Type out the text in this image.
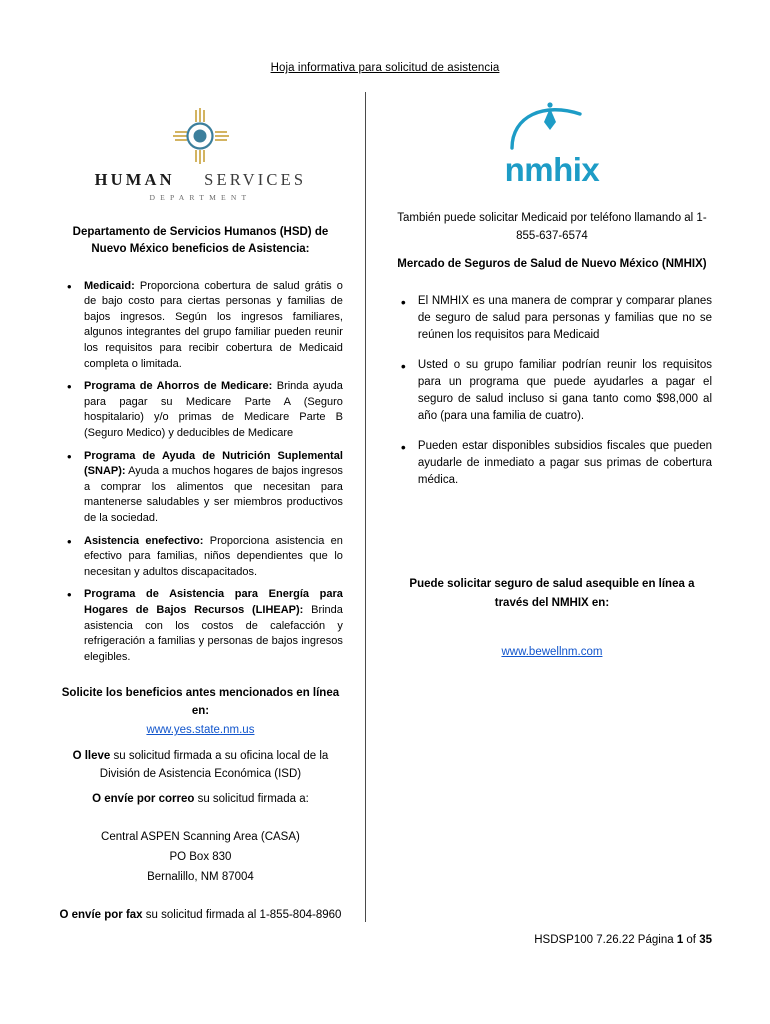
Hoja informativa para solicitud de asistencia
HUMAN SERVICES
DEPARTMENT
Departamento de Servicios Humanos (HSD) de Nuevo México beneficios de Asistencia:
• Medicaid: Proporciona cobertura de salud grátis o de bajo costo para ciertas personas y familias de bajos ingresos. Según los ingresos familiares, algunos integrantes del grupo familiar pueden reunir los requisitos para recibir cobertura de Medicaid completa o limitada.
• Programa de Ahorros de Medicare: Brinda ayuda para pagar su Medicare Parte A (Seguro hospitalario) y/o primas de Medicare Parte B (Seguro Medico) y deducibles de Medicare
• Programa de Ayuda de Nutrición Suplemental (SNAP): Ayuda a muchos hogares de bajos ingresos a comprar los alimentos que necesitan para mantenerse saludables y ser miembros productivos de la sociedad.
• Asistencia enefectivo: Proporciona asistencia en efectivo para familias, niños dependientes que lo necesitan y adultos discapacitados.
• Programa de Asistencia para Energía para Hogares de Bajos Recursos (LIHEAP): Brinda asistencia con los costos de calefacción y refrigeración a familias y personas de bajos ingresos elegibles.
Solicite los beneficios antes mencionados en línea en:
www.yes.state.nm.us
O lleve su solicitud firmada a su oficina local de la División de Asistencia Económica (ISD)
O envíe por correo su solicitud firmada a:
Central ASPEN Scanning Area (CASA)
PO Box 830
Bernalillo, NM 87004
O envíe por fax su solicitud firmada al 1-855-804-8960
nmhix
También puede solicitar Medicaid por teléfono llamando al 1-855-637-6574
Mercado de Seguros de Salud de Nuevo México (NMHIX)
• El NMHIX es una manera de comprar y comparar planes de seguro de salud para personas y familias que no se reúnen los requisitos para Medicaid
• Usted o su grupo familiar podrían reunir los requisitos para un programa que puede ayudarles a pagar el seguro de salud incluso si gana tanto como $98,000 al año (para una familia de cuatro).
• Pueden estar disponibles subsidios fiscales que pueden ayudarle de inmediato a pagar sus primas de cobertura médica.
Puede solicitar seguro de salud asequible en línea a través del NMHIX en:
www.bewellnm.com
HSDSP100 7.26.22 Página 1 of 35
